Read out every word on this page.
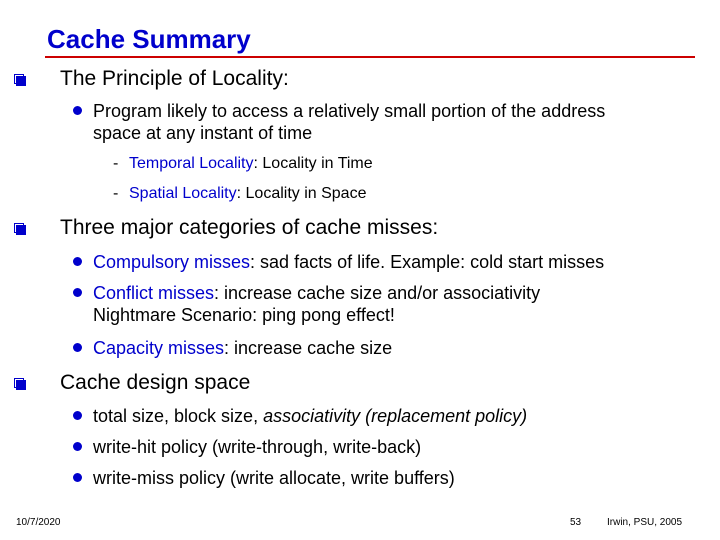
Cache Summary
The Principle of Locality:
Program likely to access a relatively small portion of the address
space at any instant of time
- Temporal Locality: Locality in Time
- Spatial Locality: Locality in Space
Three major categories of cache misses:
Compulsory misses: sad facts of life. Example: cold start misses
Conflict misses: increase cache size and/or associativity
Nightmare Scenario: ping pong effect!
Capacity misses: increase cache size
Cache design space
total size, block size, associativity (replacement policy)
write-hit policy (write-through, write-back)
write-miss policy (write allocate, write buffers)
10/7/2020	53	Irwin, PSU, 2005
